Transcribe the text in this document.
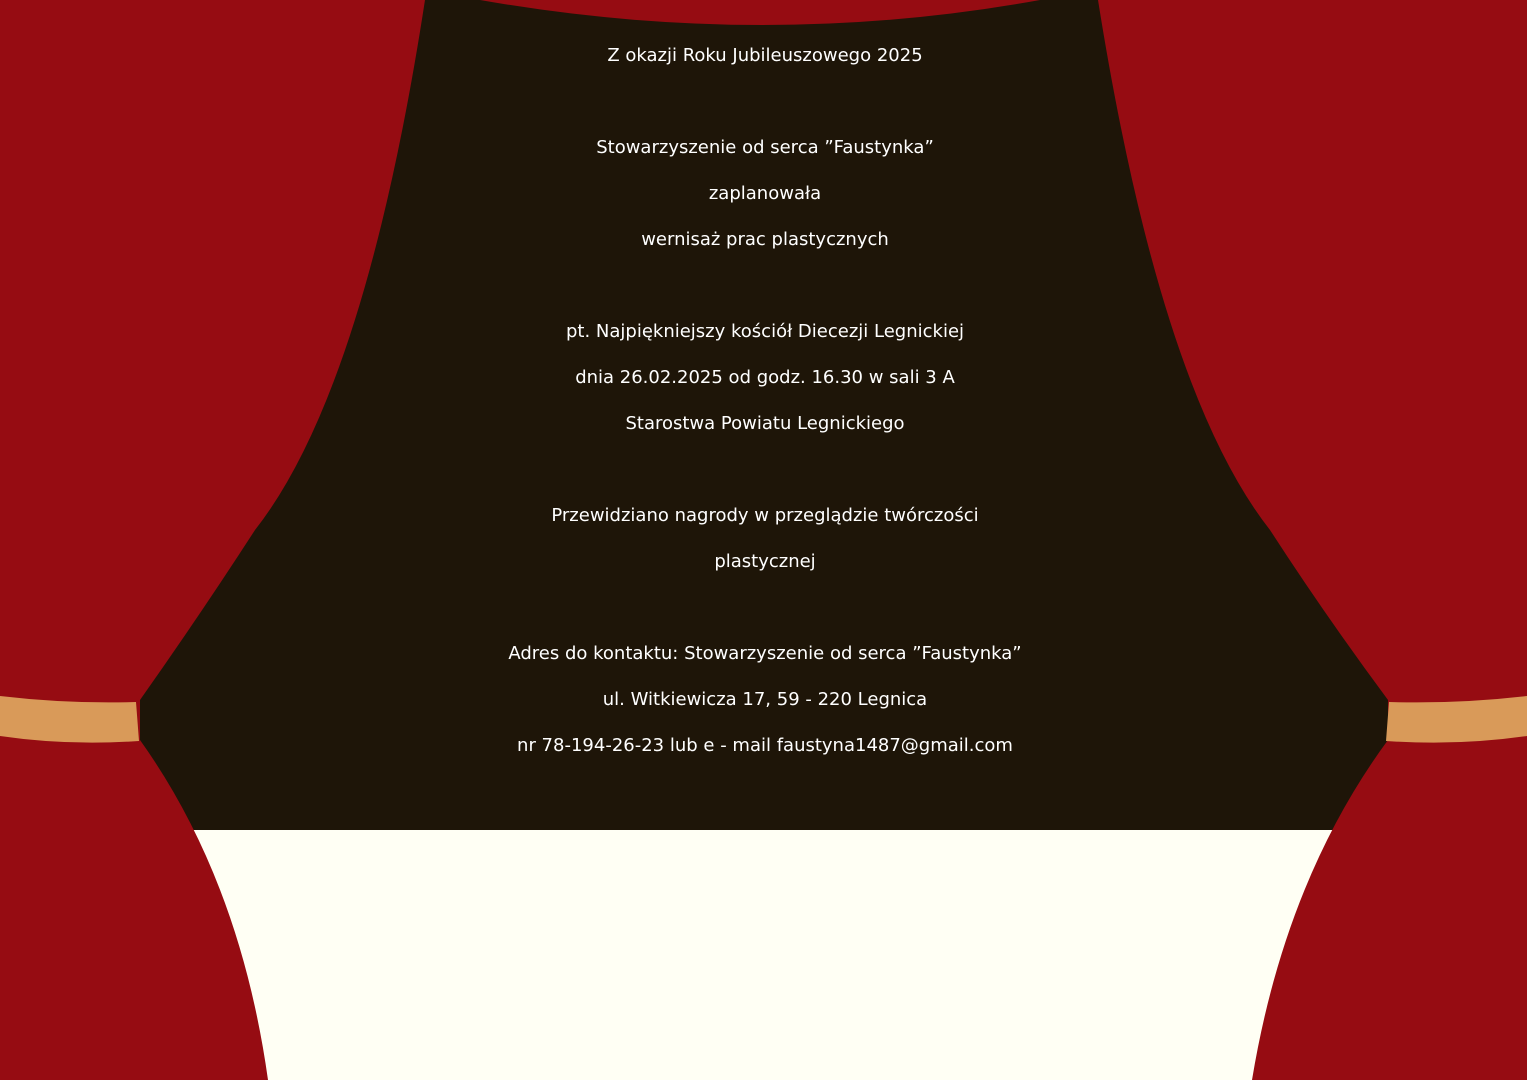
Z okazji Roku Jubileuszowego 2025
Stowarzyszenie od serca ”Faustynka”
zaplanowała
wernisaż prac plastycznych
pt. Najpiękniejszy kościół Diecezji Legnickiej
dnia 26.02.2025 od godz. 16.30 w sali 3 A
Starostwa Powiatu Legnickiego
Przewidziano nagrody w przeglądzie twórczości
plastycznej
Adres do kontaktu: Stowarzyszenie od serca ”Faustynka”
ul. Witkiewicza 17, 59 - 220 Legnica
nr 78-194-26-23 lub e - mail faustyna1487@gmail.com
